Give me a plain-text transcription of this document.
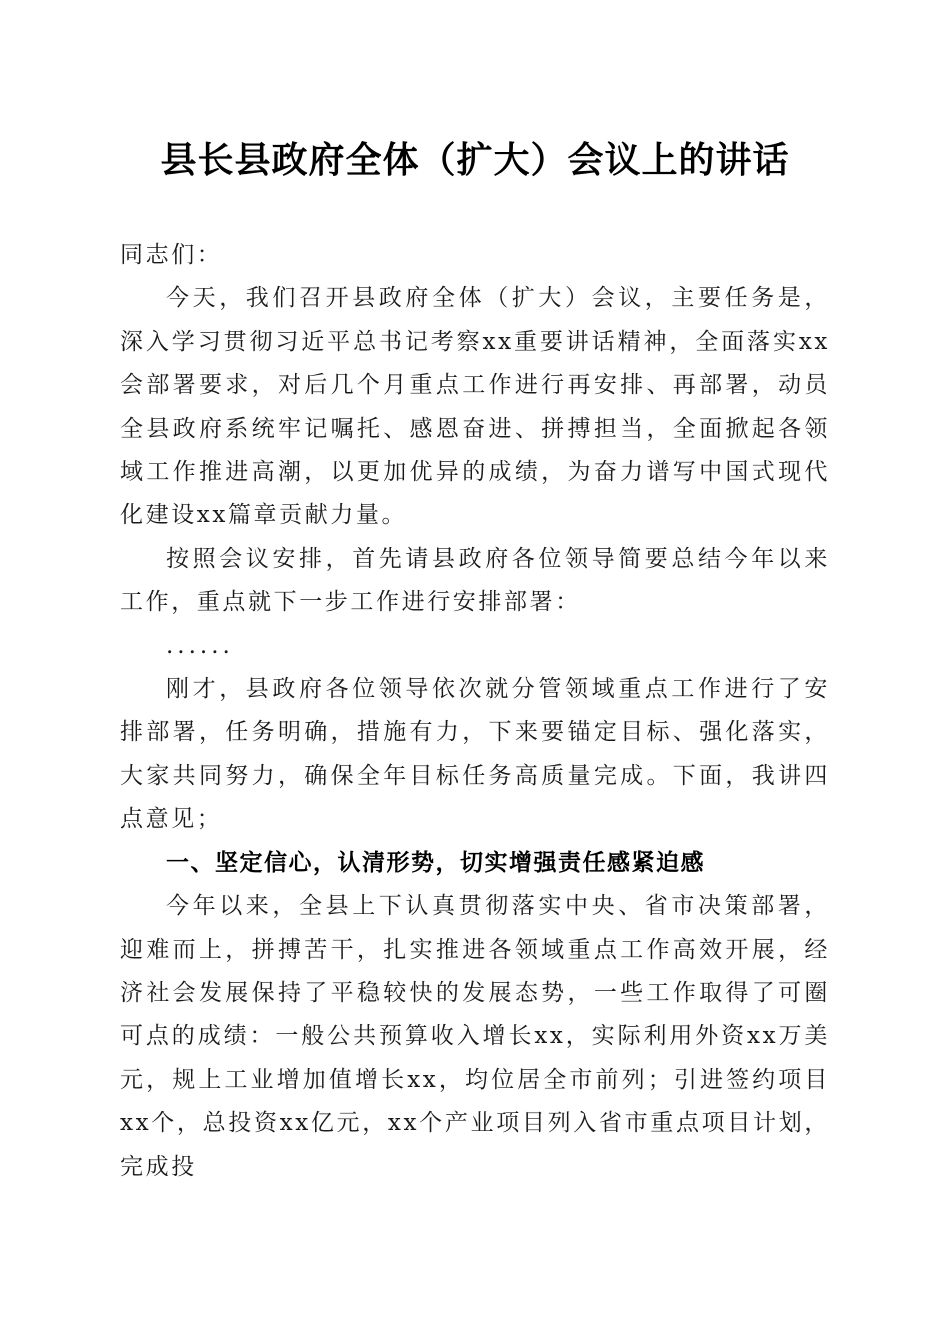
县长县政府全体（扩大）会议上的讲话

同志们：

今天，我们召开县政府全体（扩大）会议，主要任务是，深入学习贯彻习近平总书记考察xx重要讲话精神，全面落实xx会部署要求，对后几个月重点工作进行再安排、再部署，动员全县政府系统牢记嘱托、感恩奋进、拼搏担当，全面掀起各领域工作推进高潮，以更加优异的成绩，为奋力谱写中国式现代化建设xx篇章贡献力量。

按照会议安排，首先请县政府各位领导简要总结今年以来工作，重点就下一步工作进行安排部署：

......

刚才，县政府各位领导依次就分管领域重点工作进行了安排部署，任务明确，措施有力，下来要锚定目标、强化落实，大家共同努力，确保全年目标任务高质量完成。下面，我讲四点意见；

一、坚定信心，认清形势，切实增强责任感紧迫感

今年以来，全县上下认真贯彻落实中央、省市决策部署，迎难而上，拼搏苦干，扎实推进各领域重点工作高效开展，经济社会发展保持了平稳较快的发展态势，一些工作取得了可圈可点的成绩：一般公共预算收入增长xx，实际利用外资xx万美元，规上工业增加值增长xx，均位居全市前列；引进签约项目xx个，总投资xx亿元，xx个产业项目列入省市重点项目计划，完成投
